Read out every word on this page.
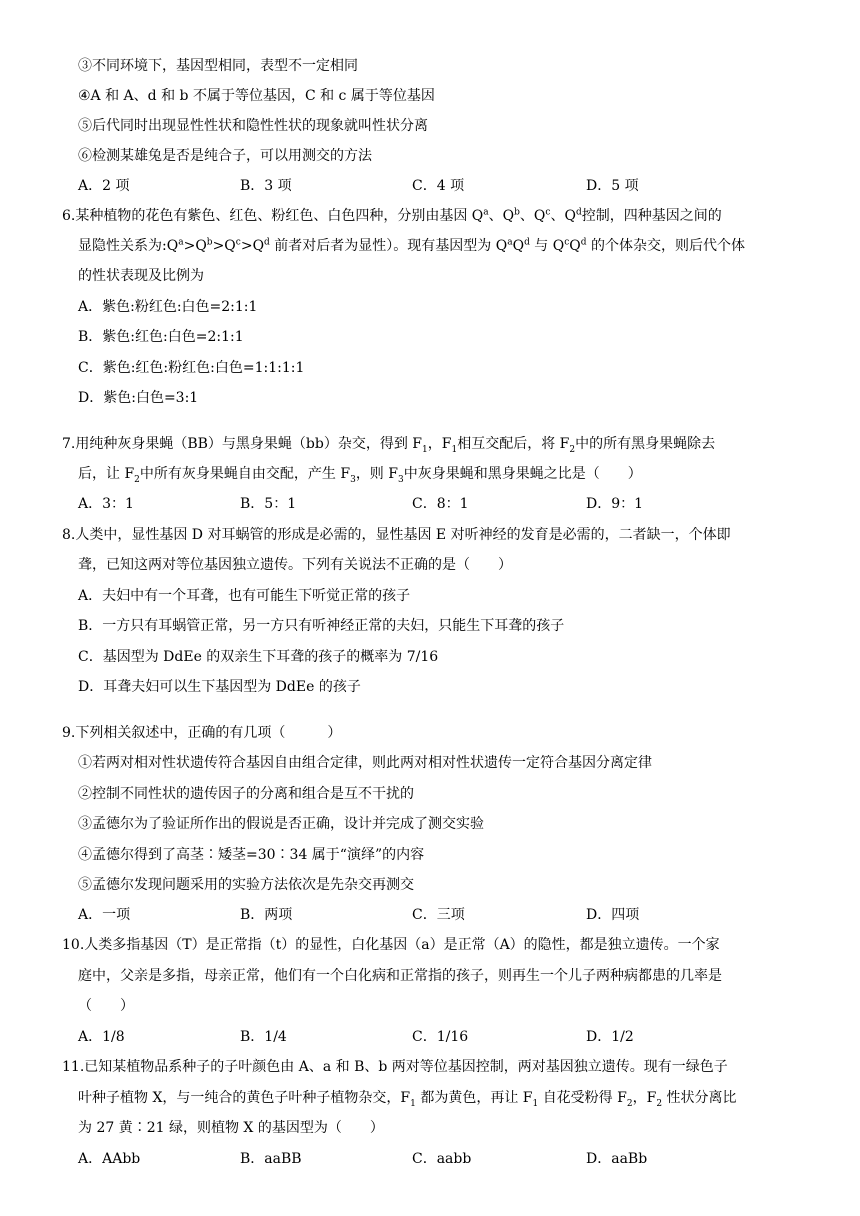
③不同环境下，基因型相同，表型不一定相同
④A 和 A、d 和 b 不属于等位基因，C 和 c 属于等位基因
⑤后代同时出现显性性状和隐性性状的现象就叫性状分离
⑥检测某雄兔是否是纯合子，可以用测交的方法
A．2 项	B．3 项	C．4 项	D．5 项
6.某种植物的花色有紫色、红色、粉红色、白色四种，分别由基因 $Q^a$、$Q^b$、$Q^c$、$Q^d$控制，四种基因之间的
显隐性关系为$:Q^a>Q^b>Q^c>Q^d$ 前者对后者为显性）。现有基因型为 $Q^aQ^d$ 与 $Q^cQ^d$ 的个体杂交，则后代个体
的性状表现及比例为
A．紫色:粉红色:白色=2:1:1
B．紫色:红色:白色=2:1:1
C．紫色:红色:粉红色:白色=1:1:1:1
D．紫色:白色=3:1
7.用纯种灰身果蝇（BB）与黑身果蝇（bb）杂交，得到 $F_1$，$F_1$相互交配后，将 $F_2$中的所有黑身果蝇除去
后，让 $F_2$中所有灰身果蝇自由交配，产生 $F_3$，则 $F_3$中灰身果蝇和黑身果蝇之比是（　　）
A．3：1	B．5：1	C．8：1	D．9：1
8.人类中，显性基因 D 对耳蜗管的形成是必需的，显性基因 E 对听神经的发育是必需的，二者缺一，个体即
聋，已知这两对等位基因独立遗传。下列有关说法不正确的是（　　）
A．夫妇中有一个耳聋，也有可能生下听觉正常的孩子
B．一方只有耳蜗管正常，另一方只有听神经正常的夫妇，只能生下耳聋的孩子
C．基因型为 DdEe 的双亲生下耳聋的孩子的概率为 7/16
D．耳聋夫妇可以生下基因型为 DdEe 的孩子
9.下列相关叙述中，正确的有几项（　　　）
①若两对相对性状遗传符合基因自由组合定律，则此两对相对性状遗传一定符合基因分离定律
②控制不同性状的遗传因子的分离和组合是互不干扰的
③孟德尔为了验证所作出的假说是否正确，设计并完成了测交实验
④孟德尔得到了高茎∶矮茎=30∶34 属于“演绎”的内容
⑤孟德尔发现问题采用的实验方法依次是先杂交再测交
A．一项	B．两项	C．三项	D．四项
10.人类多指基因（T）是正常指（t）的显性，白化基因（a）是正常（A）的隐性，都是独立遗传。一个家
庭中，父亲是多指，母亲正常，他们有一个白化病和正常指的孩子，则再生一个儿子两种病都患的几率是
（　　）
A．1/8	B．1/4	C．1/16	D．1/2
11.已知某植物品系种子的子叶颜色由 A、a 和 B、b 两对等位基因控制，两对基因独立遗传。现有一绿色子
叶种子植物 X，与一纯合的黄色子叶种子植物杂交，$F_1$ 都为黄色，再让 $F_1$ 自花受粉得 $F_2$，$F_2$ 性状分离比
为 27 黄∶21 绿，则植物 X 的基因型为（　　）
A．AAbb	B．aaBB	C．aabb	D．aaBb
